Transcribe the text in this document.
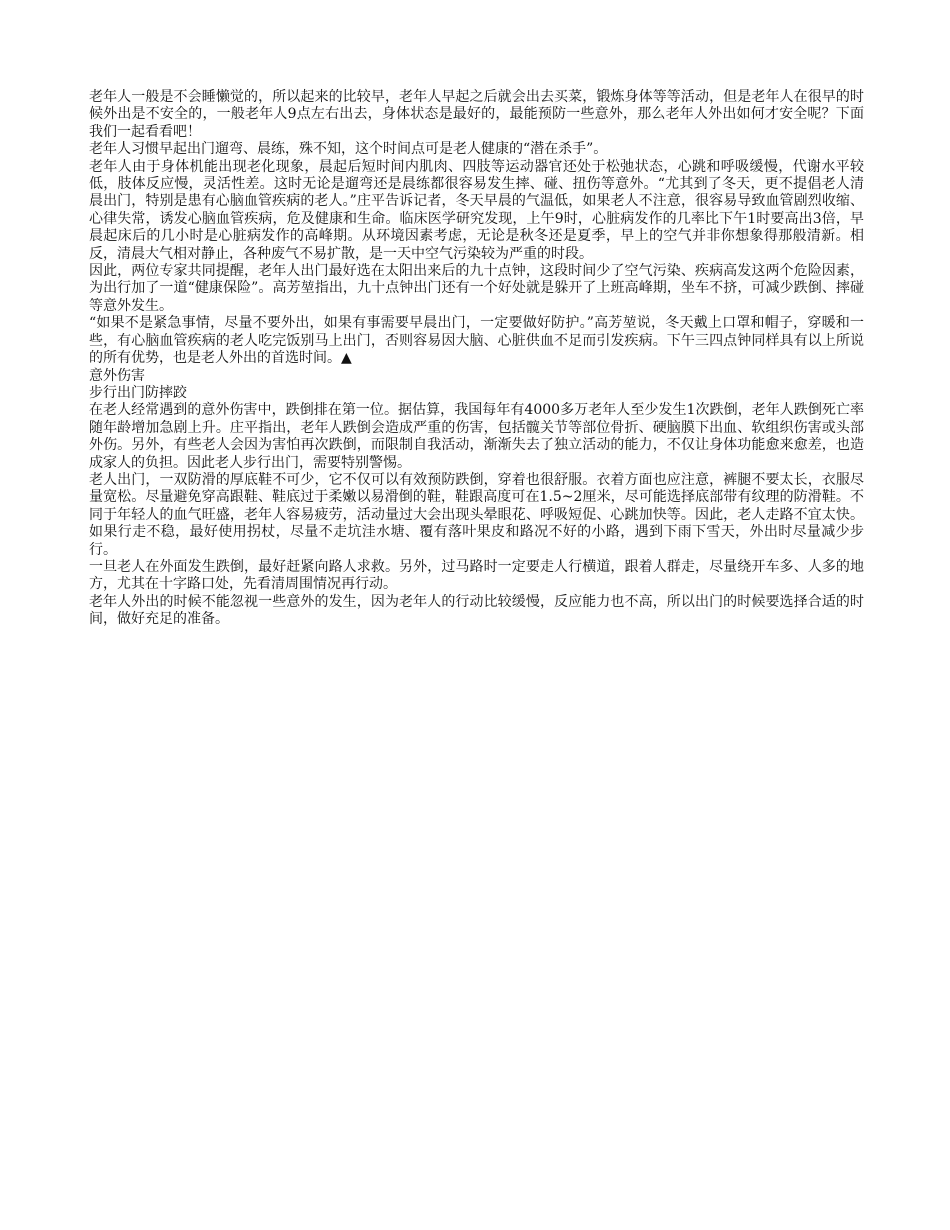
老年人一般是不会睡懒觉的，所以起来的比较早，老年人早起之后就会出去买菜，锻炼身体等等活动，但是老年人在很早的时候外出是不安全的，一般老年人9点左右出去，身体状态是最好的，最能预防一些意外，那么老年人外出如何才安全呢？下面我们一起看看吧！

老年人习惯早起出门遛弯、晨练，殊不知，这个时间点可是老人健康的“潜在杀手”。

老年人由于身体机能出现老化现象，晨起后短时间内肌肉、四肢等运动器官还处于松弛状态，心跳和呼吸缓慢，代谢水平较低，肢体反应慢，灵活性差。这时无论是遛弯还是晨练都很容易发生摔、碰、扭伤等意外。“尤其到了冬天，更不提倡老人清晨出门，特别是患有心脑血管疾病的老人。”庄平告诉记者，冬天早晨的气温低，如果老人不注意，很容易导致血管剧烈收缩、心律失常，诱发心脑血管疾病，危及健康和生命。临床医学研究发现，上午9时，心脏病发作的几率比下午1时要高出3倍，早晨起床后的几小时是心脏病发作的高峰期。从环境因素考虑，无论是秋冬还是夏季，早上的空气并非你想象得那般清新。相反，清晨大气相对静止，各种废气不易扩散，是一天中空气污染较为严重的时段。

因此，两位专家共同提醒，老年人出门最好选在太阳出来后的九十点钟，这段时间少了空气污染、疾病高发这两个危险因素，为出行加了一道“健康保险”。高芳堃指出，九十点钟出门还有一个好处就是躲开了上班高峰期，坐车不挤，可减少跌倒、摔碰等意外发生。

“如果不是紧急事情，尽量不要外出，如果有事需要早晨出门，一定要做好防护。”高芳堃说，冬天戴上口罩和帽子，穿暖和一些，有心脑血管疾病的老人吃完饭别马上出门，否则容易因大脑、心脏供血不足而引发疾病。下午三四点钟同样具有以上所说的所有优势，也是老人外出的首选时间。▲

意外伤害

步行出门防摔跤

在老人经常遇到的意外伤害中，跌倒排在第一位。据估算，我国每年有4000多万老年人至少发生1次跌倒，老年人跌倒死亡率随年龄增加急剧上升。庄平指出，老年人跌倒会造成严重的伤害，包括髋关节等部位骨折、硬脑膜下出血、软组织伤害或头部外伤。另外，有些老人会因为害怕再次跌倒，而限制自我活动，渐渐失去了独立活动的能力，不仅让身体功能愈来愈差，也造成家人的负担。因此老人步行出门，需要特别警惕。

老人出门，一双防滑的厚底鞋不可少，它不仅可以有效预防跌倒，穿着也很舒服。衣着方面也应注意，裤腿不要太长，衣服尽量宽松。尽量避免穿高跟鞋、鞋底过于柔嫩以易滑倒的鞋，鞋跟高度可在1.5~2厘米，尽可能选择底部带有纹理的防滑鞋。不同于年轻人的血气旺盛，老年人容易疲劳，活动量过大会出现头晕眼花、呼吸短促、心跳加快等。因此，老人走路不宜太快。如果行走不稳，最好使用拐杖，尽量不走坑洼水塘、覆有落叶果皮和路况不好的小路，遇到下雨下雪天，外出时尽量减少步行。

一旦老人在外面发生跌倒，最好赶紧向路人求救。另外，过马路时一定要走人行横道，跟着人群走，尽量绕开车多、人多的地方，尤其在十字路口处，先看清周围情况再行动。

老年人外出的时候不能忽视一些意外的发生，因为老年人的行动比较缓慢，反应能力也不高，所以出门的时候要选择合适的时间，做好充足的准备。
